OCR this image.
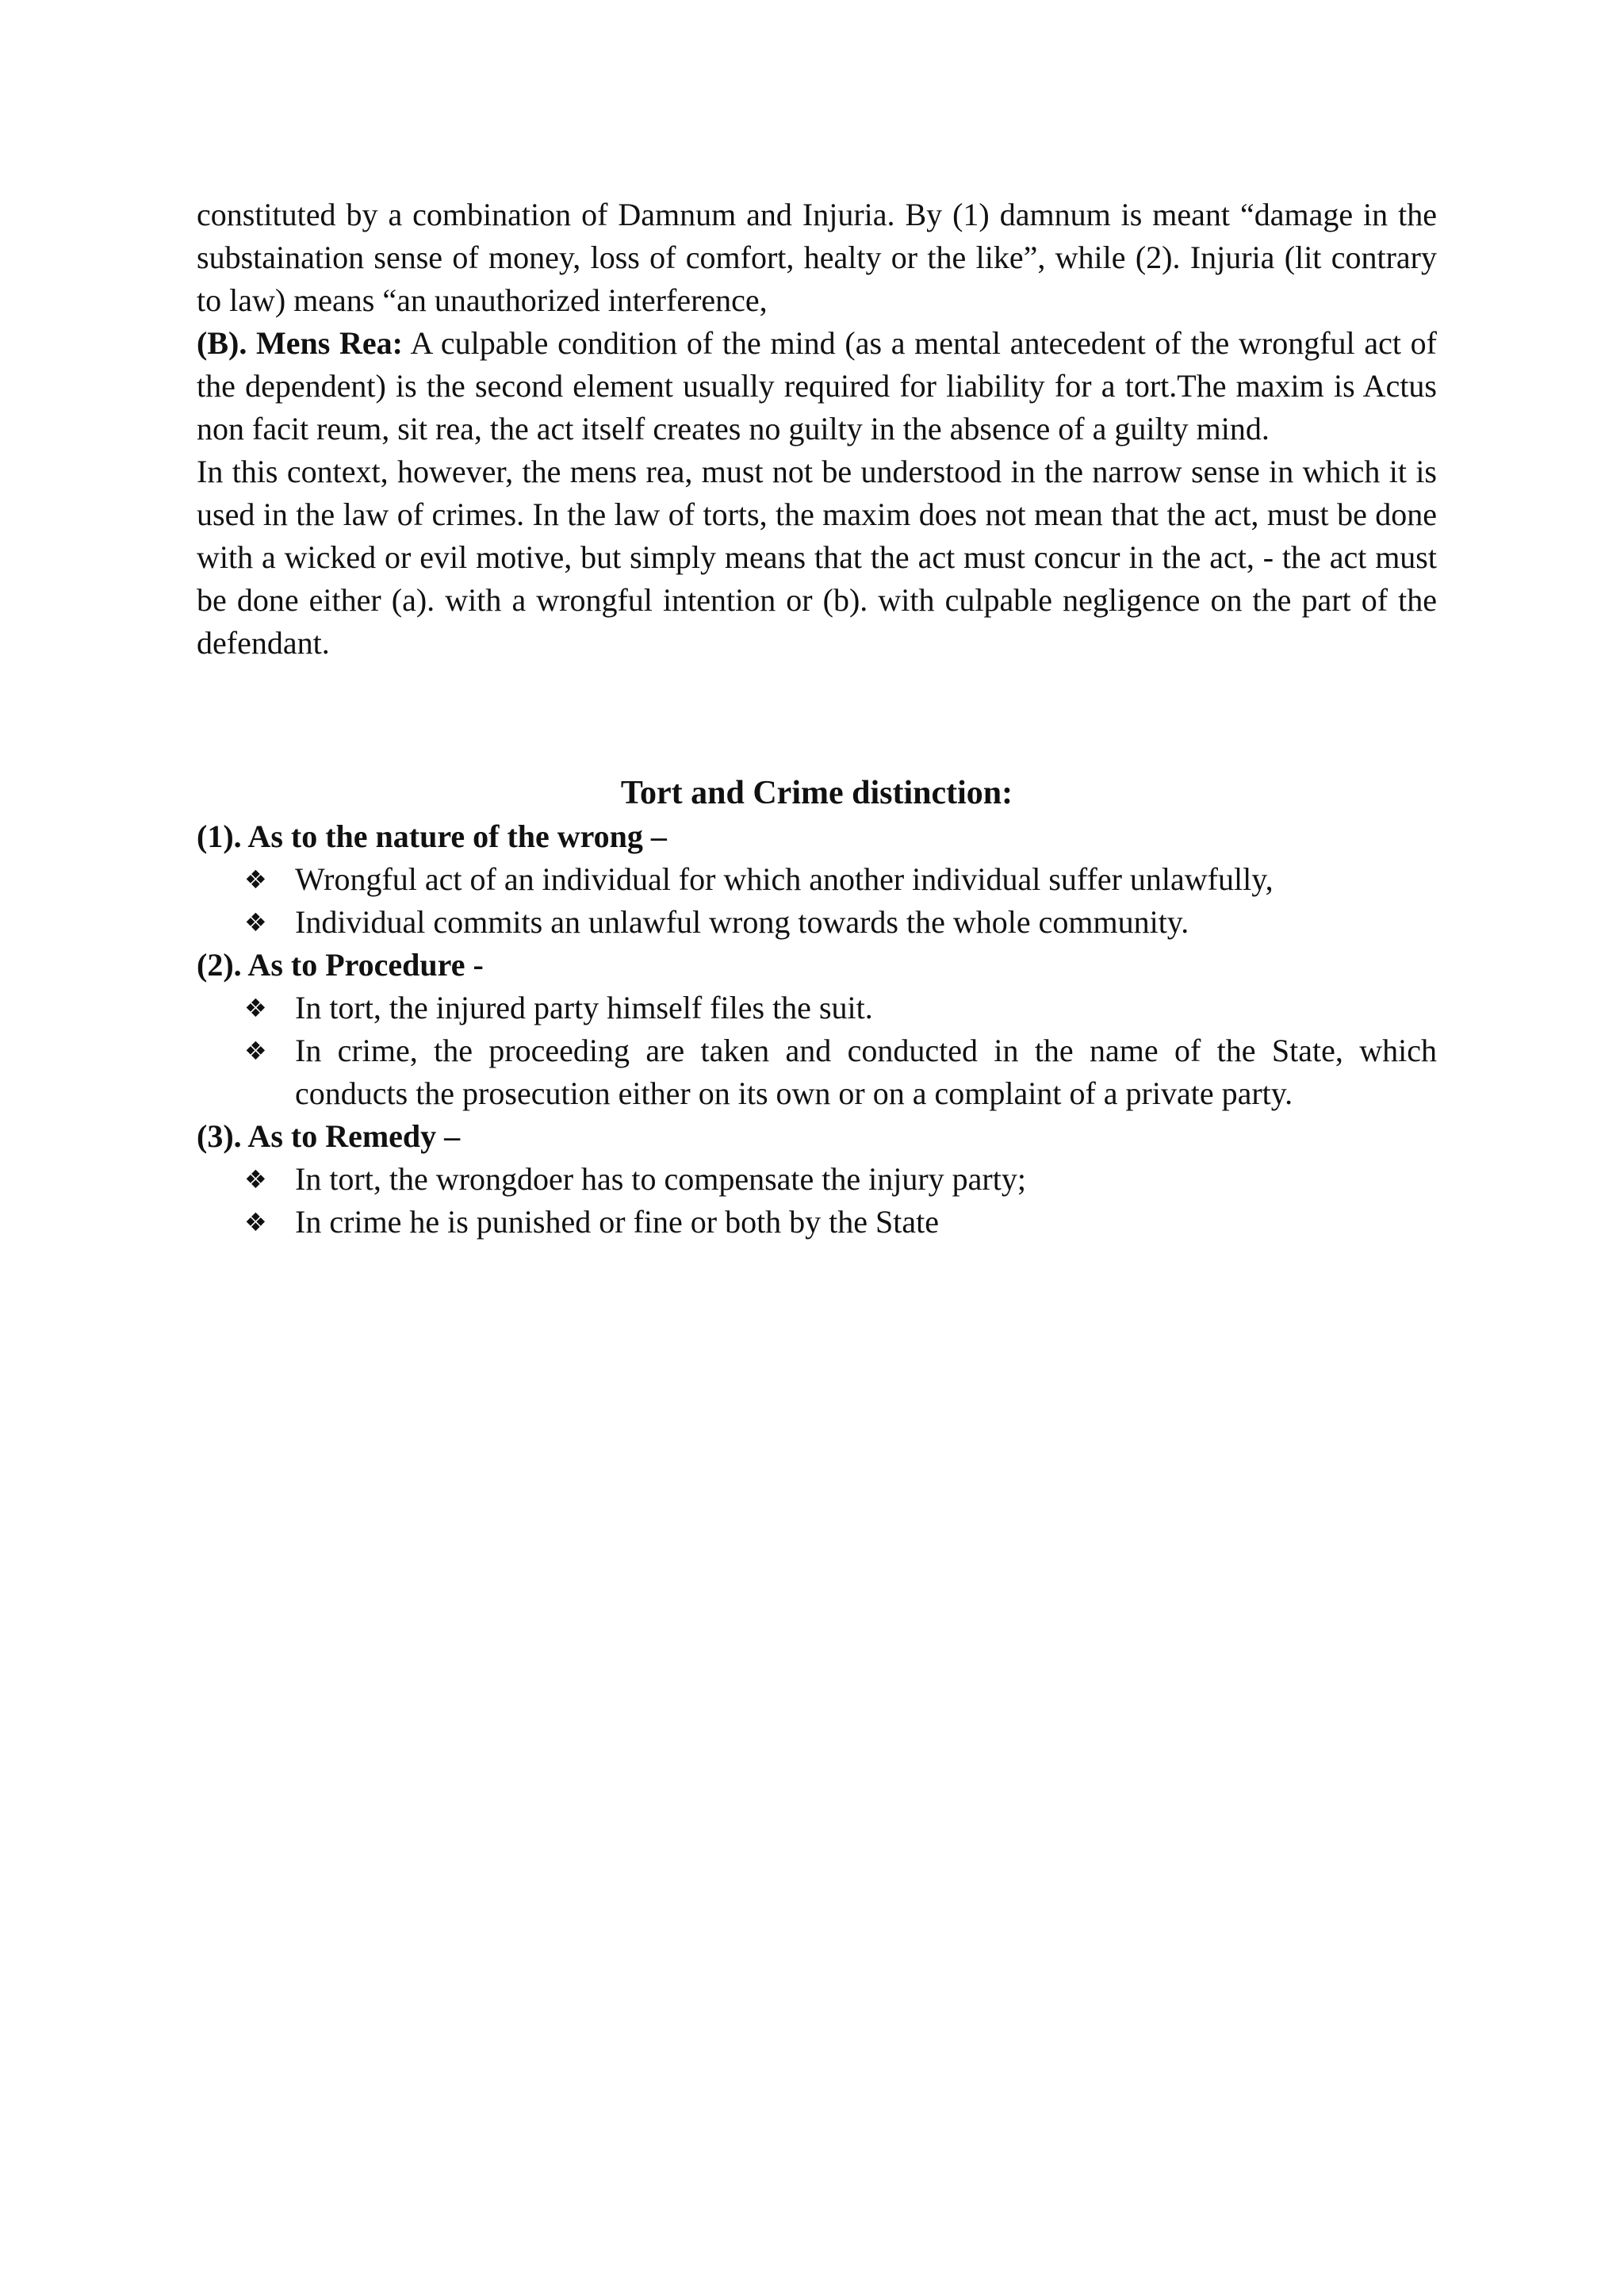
constituted by a combination of Damnum and Injuria. By (1) damnum is meant “damage in the substaination sense of money, loss of comfort, healty or the like”, while (2). Injuria (lit contrary to law) means “an unauthorized interference,

(B). Mens Rea: A culpable condition of the mind (as a mental antecedent of the wrongful act of the dependent) is the second element usually required for liability for a tort.The maxim is Actus non facit reum, sit rea, the act itself creates no guilty in the absence of a guilty mind.

In this context, however, the mens rea, must not be understood in the narrow sense in which it is used in the law of crimes. In the law of torts, the maxim does not mean that the act, must be done with a wicked or evil motive, but simply means that the act must concur in the act, - the act must be done either (a). with a wrongful intention or (b). with culpable negligence on the part of the defendant.

Tort and Crime distinction:

(1). As to the nature of the wrong –

❖ Wrongful act of an individual for which another individual suffer unlawfully,
❖ Individual commits an unlawful wrong towards the whole community.

(2). As to Procedure -

❖ In tort, the injured party himself files the suit.
❖ In crime, the proceeding are taken and conducted in the name of the State, which conducts the prosecution either on its own or on a complaint of a private party.

(3). As to Remedy –

❖ In tort, the wrongdoer has to compensate the injury party;
❖ In crime he is punished or fine or both by the State
